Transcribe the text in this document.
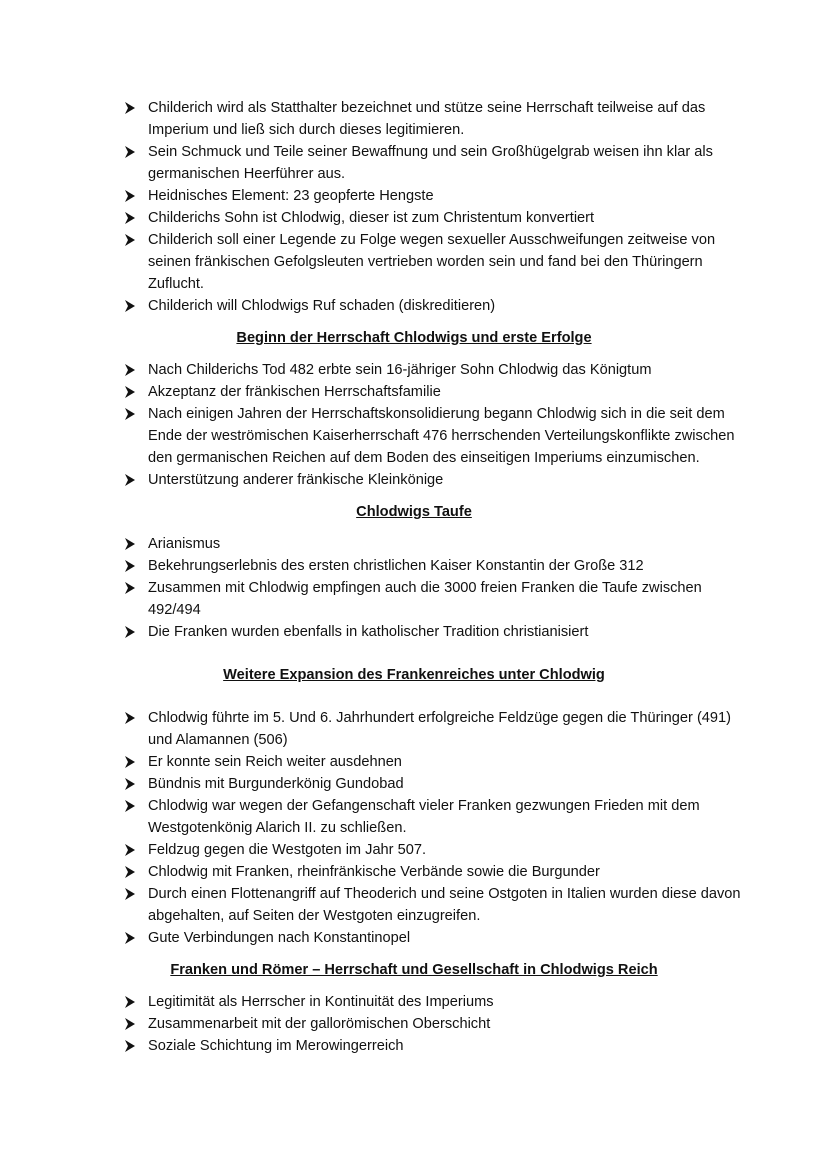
Childerich wird als Statthalter bezeichnet und stütze seine Herrschaft teilweise auf das Imperium und ließ sich durch dieses legitimieren.
Sein Schmuck und Teile seiner Bewaffnung und sein Großhügelgrab weisen ihn klar als germanischen Heerführer aus.
Heidnisches Element: 23 geopferte Hengste
Childerichs Sohn ist Chlodwig, dieser ist zum Christentum konvertiert
Childerich soll einer Legende zu Folge wegen sexueller Ausschweifungen zeitweise von seinen fränkischen Gefolgsleuten vertrieben worden sein und fand bei den Thüringern Zuflucht.
Childerich will Chlodwigs Ruf schaden (diskreditieren)

Beginn der Herrschaft Chlodwigs und erste Erfolge

Nach Childerichs Tod 482 erbte sein 16-jähriger Sohn Chlodwig das Königtum
Akzeptanz der fränkischen Herrschaftsfamilie
Nach einigen Jahren der Herrschaftskonsolidierung begann Chlodwig sich in die seit dem Ende der weströmischen Kaiserherrschaft 476 herrschenden Verteilungskonflikte zwischen den germanischen Reichen auf dem Boden des einseitigen Imperiums einzumischen.
Unterstützung anderer fränkische Kleinkönige

Chlodwigs Taufe

Arianismus
Bekehrungserlebnis des ersten christlichen Kaiser Konstantin der Große 312
Zusammen mit Chlodwig empfingen auch die 3000 freien Franken die Taufe zwischen 492/494
Die Franken wurden ebenfalls in katholischer Tradition christianisiert

Weitere Expansion des Frankenreiches unter Chlodwig

Chlodwig führte im 5. Und 6. Jahrhundert erfolgreiche Feldzüge gegen die Thüringer (491) und Alamannen (506)
Er konnte sein Reich weiter ausdehnen
Bündnis mit Burgunderkönig Gundobad
Chlodwig war wegen der Gefangenschaft vieler Franken gezwungen Frieden mit dem Westgotenkönig Alarich II. zu schließen.
Feldzug gegen die Westgoten im Jahr 507.
Chlodwig mit Franken, rheinfränkische Verbände sowie die Burgunder
Durch einen Flottenangriff auf Theoderich und seine Ostgoten in Italien wurden diese davon abgehalten, auf Seiten der Westgoten einzugreifen.
Gute Verbindungen nach Konstantinopel

Franken und Römer – Herrschaft und Gesellschaft in Chlodwigs Reich

Legitimität als Herrscher in Kontinuität des Imperiums
Zusammenarbeit mit der gallorömischen Oberschicht
Soziale Schichtung im Merowingerreich
